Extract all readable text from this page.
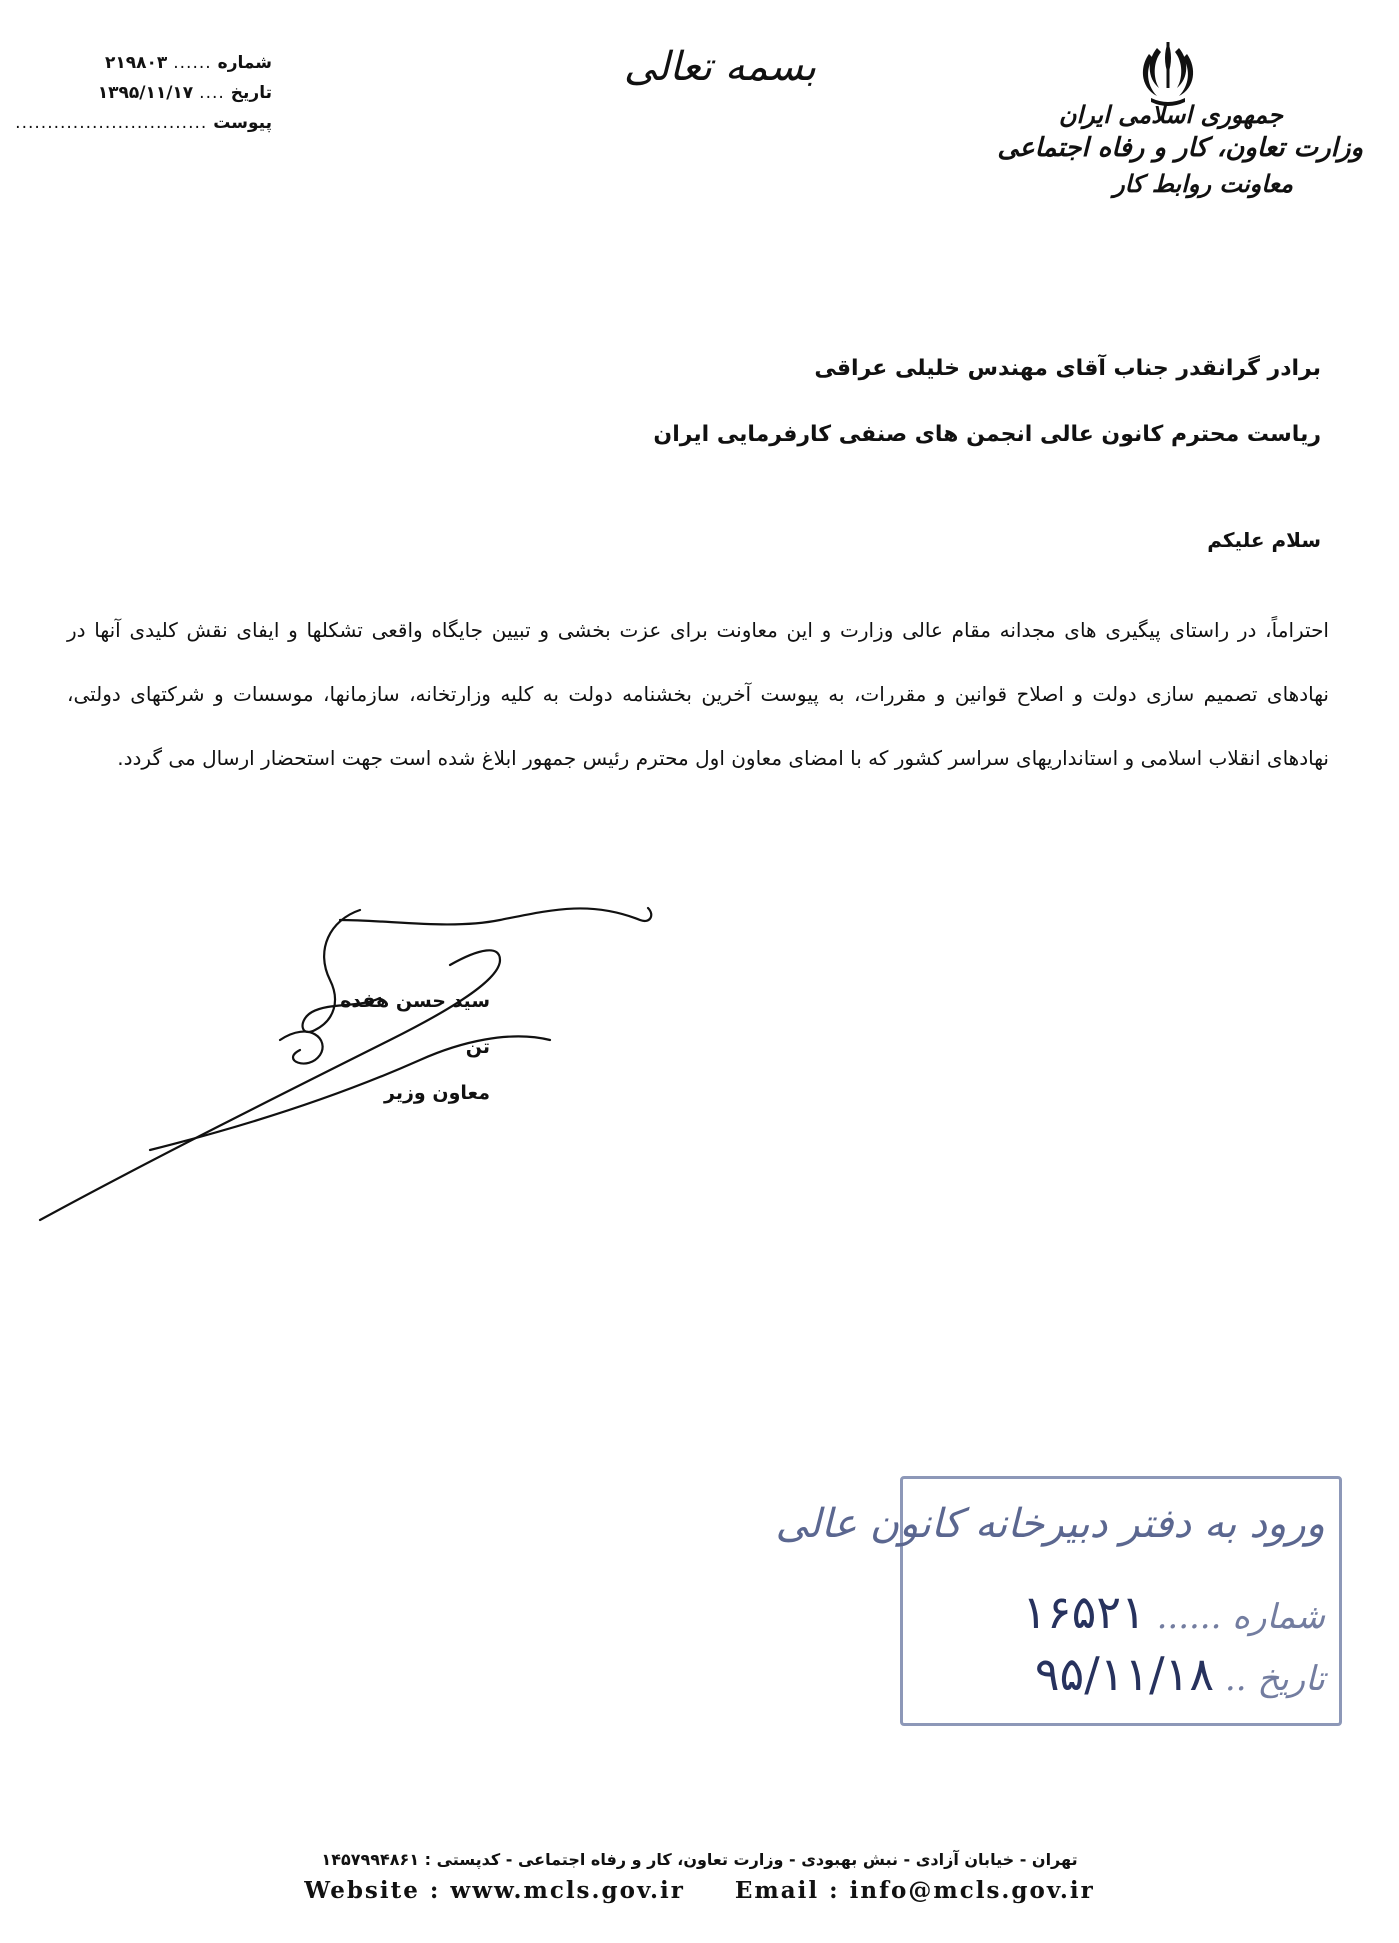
جمهوری اسلامی ایران
وزارت تعاون، کار و رفاه اجتماعی
معاونت روابط کار
بسمه تعالی
شماره
......
۲۱۹۸۰۳
تاریخ
....
۱۳۹۵/۱۱/۱۷
پیوست
..............................
برادر گرانقدر جناب آقای مهندس خلیلی عراقی
ریاست محترم کانون عالی انجمن های صنفی کارفرمایی ایران
سلام علیکم
احتراماً، در راستای پیگیری های مجدانه مقام عالی وزارت و این معاونت برای عزت بخشی و تبیین جایگاه واقعی تشکلها و ایفای نقش کلیدی آنها در نهادهای تصمیم سازی دولت و اصلاح قوانین و مقررات، به پیوست آخرین بخشنامه دولت به کلیه وزارتخانه، سازمانها، موسسات و شرکتهای دولتی، نهادهای انقلاب اسلامی و استانداریهای سراسر کشور که با امضای معاون اول محترم رئیس جمهور ابلاغ شده است جهت استحضار ارسال می گردد.
سید حسن هفده تن
معاون وزیر
ورود به دفتر دبیرخانه کانون عالی
شماره ...... ۱۶۵۲۱
تاریخ .. ۹۵/۱۱/۱۸
تهران - خیابان آزادی - نبش بهبودی - وزارت تعاون، کار و رفاه اجتماعی - کدپستی : ۱۴۵۷۹۹۴۸۶۱
Website : www.mcls.gov.ir Email : info@mcls.gov.ir
